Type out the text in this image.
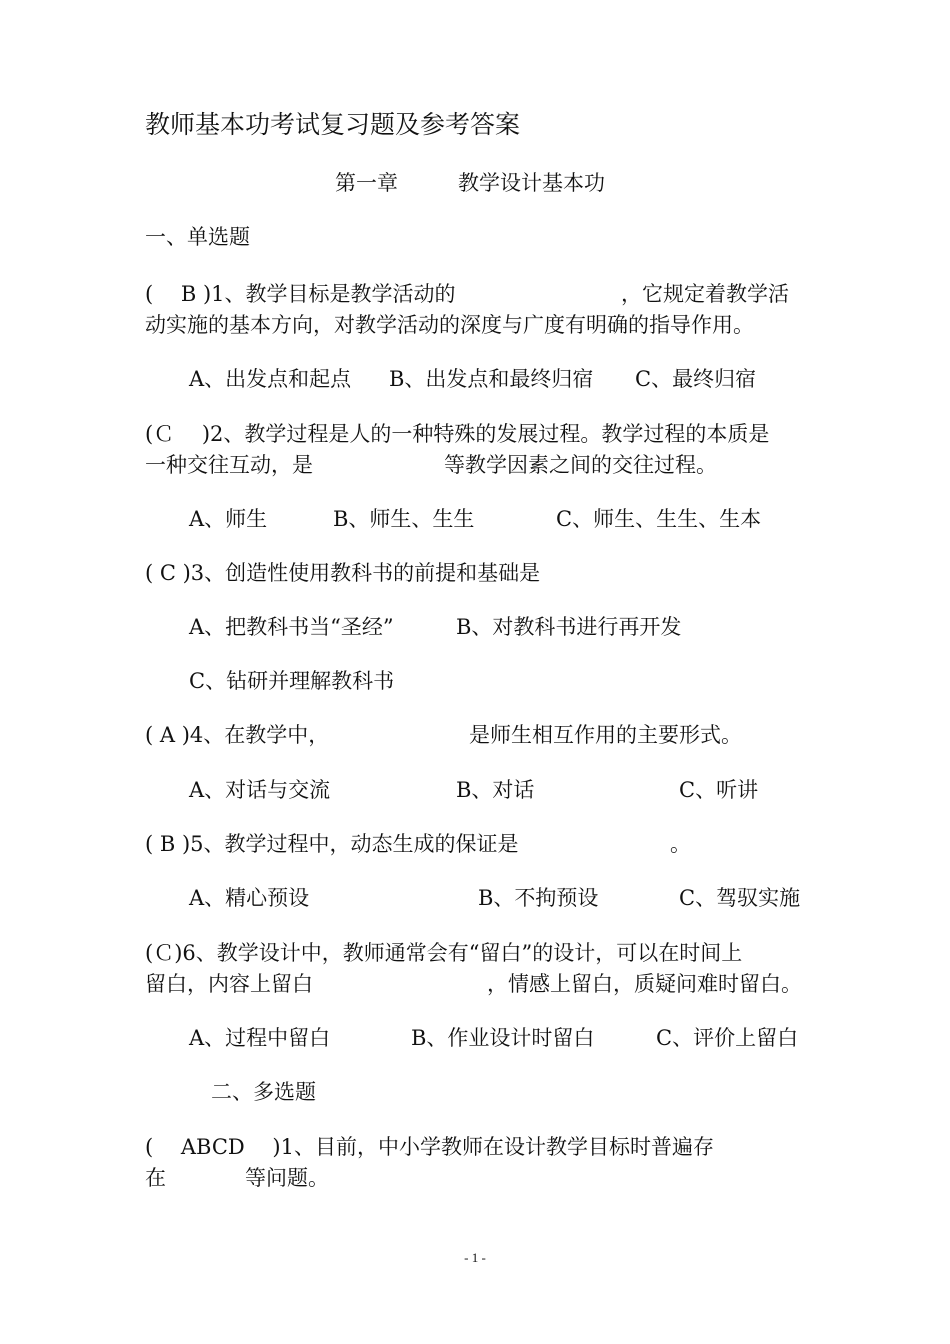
教师基本功考试复习题及参考答案
第一章	教学设计基本功
一、单选题
(　 B )1、教学目标是教学活动的	，它规定着教学活
动实施的基本方向，对教学活动的深度与广度有明确的指导作用。
A、出发点和起点 B、出发点和最终归宿 C、最终归宿
(Ｃ　 )2、教学过程是人的一种特殊的发展过程。教学过程的本质是
一种交往互动，是	等教学因素之间的交往过程。
A、师生	B、师生、生生	C、师生、生生、生本
( C )3、创造性使用教科书的前提和基础是
A、把教科书当“圣经”	B、对教科书进行再开发
C、钻研并理解教科书
( A )4、在教学中，	是师生相互作用的主要形式。
A、对话与交流	B、对话	C、听讲
( B )5、教学过程中，动态生成的保证是	。
A、精心预设	B、不拘预设	C、驾驭实施
(Ｃ)6、教学设计中，教师通常会有“留白”的设计，可以在时间上
留白，内容上留白	，情感上留白，质疑问难时留白。
A、过程中留白	B、作业设计时留白	C、评价上留白
二、多选题
(　 ABCD　 )1、目前，中小学教师在设计教学目标时普遍存
在	等问题。
- 1 -
